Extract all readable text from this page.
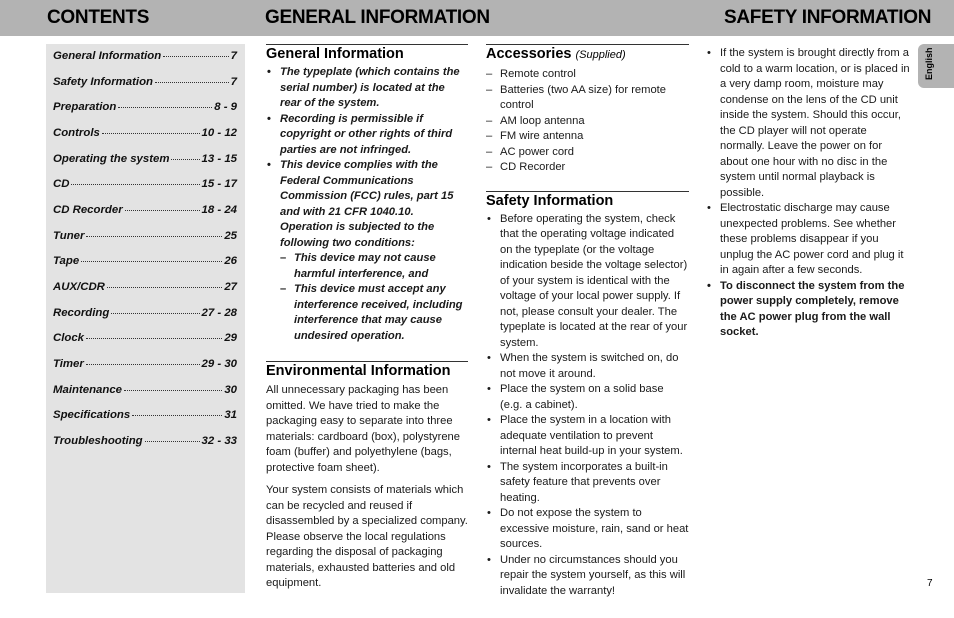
CONTENTS	GENERAL INFORMATION	SAFETY INFORMATION
General Information	7
Safety Information	7
Preparation	8 - 9
Controls	10 - 12
Operating the system	13 - 15
CD	15 - 17
CD Recorder	18 - 24
Tuner	25
Tape	26
AUX/CDR	27
Recording	27 - 28
Clock	29
Timer	29 - 30
Maintenance	30
Specifications	31
Troubleshooting	32 - 33
General Information
• The typeplate (which contains the serial number) is located at the rear of the system.
• Recording is permissible if copyright or other rights of third parties are not infringed.
• This device complies with the Federal Communications Commission (FCC) rules, part 15 and with 21 CFR 1040.10. Operation is subjected to the following two conditions:
– This device may not cause harmful interference, and
– This device must accept any interference received, including interference that may cause undesired operation.
Environmental Information

All unnecessary packaging has been omitted. We have tried to make the packaging easy to separate into three materials: cardboard (box), polystyrene foam (buffer) and polyethylene (bags, protective foam sheet).

Your system consists of materials which can be recycled and reused if disassembled by a specialized company. Please observe the local regulations regarding the disposal of packaging materials, exhausted batteries and old equipment.

Accessories (Supplied)
– Remote control
– Batteries (two AA size) for remote control
– AM loop antenna
– FM wire antenna
– AC power cord
– CD Recorder
Safety Information
• Before operating the system, check that the operating voltage indicated on the typeplate (or the voltage indication beside the voltage selector) of your system is identical with the voltage of your local power supply. If not, please consult your dealer. The typeplate is located at the rear of your system.
• When the system is switched on, do not move it around.
• Place the system on a solid base (e.g. a cabinet).
• Place the system in a location with adequate ventilation to prevent internal heat build-up in your system.
• The system incorporates a built-in safety feature that prevents over heating.
• Do not expose the system to excessive moisture, rain, sand or heat sources.
• Under no circumstances should you repair the system yourself, as this will invalidate the warranty!
• If the system is brought directly from a cold to a warm location, or is placed in a very damp room, moisture may condense on the lens of the CD unit inside the system. Should this occur, the CD player will not operate normally. Leave the power on for about one hour with no disc in the system until normal playback is possible.
• Electrostatic discharge may cause unexpected problems. See whether these problems disappear if you unplug the AC power cord and plug it in again after a few seconds.
• To disconnect the system from the power supply completely, remove the AC power plug from the wall socket.
English
7
